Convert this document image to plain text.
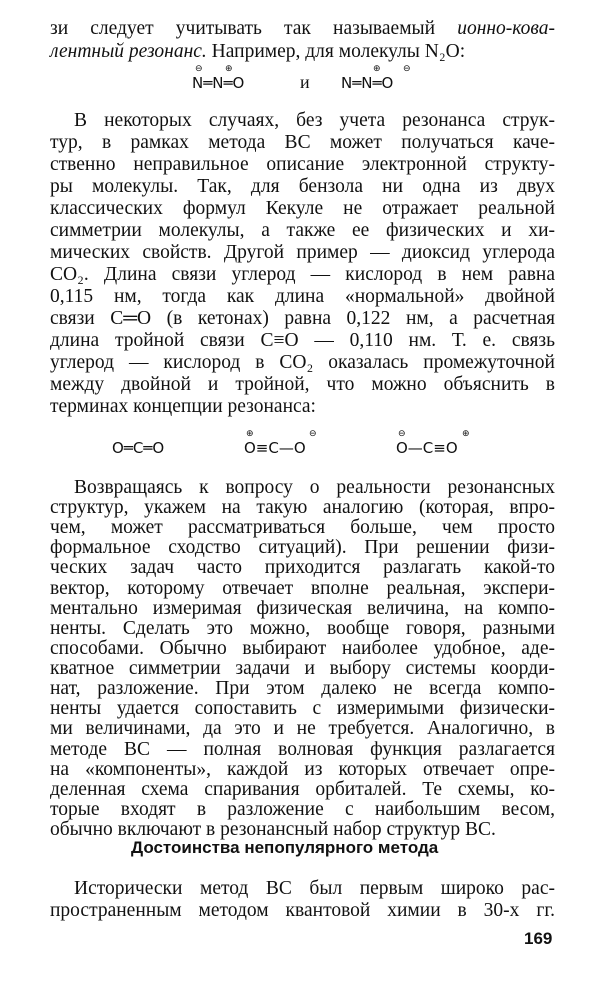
зи следует учитывать так называемый ионно-кова-
лентный резонанс. Например, для молекулы N₂O:
N═N═O
⊖ ⊕
и N═N═O
⊕ ⊖
В некоторых случаях, без учета резонанса струк-
тур, в рамках метода ВС может получаться каче-
ственно неправильное описание электронной структу-
ры молекулы. Так, для бензола ни одна из двух
классических формул Кекуле не отражает реальной
симметрии молекулы, а также ее физических и хи-
мических свойств. Другой пример — диоксид углерода
CO₂. Длина связи углерод — кислород в нем равна
0,115 нм, тогда как длина «нормальной» двойной
связи C═O (в кетонах) равна 0,122 нм, а расчетная
длина тройной связи C≡O — 0,110 нм. Т. е. связь
углерод — кислород в CO₂ оказалась промежуточной
между двойной и тройной, что можно объяснить в
терминах концепции резонанса:
O═C═O	O≡C—O
⊕	⊖
O—C≡O
⊖	⊕
Возвращаясь к вопросу о реальности резонансных
структур, укажем на такую аналогию (которая, впро-
чем, может рассматриваться больше, чем просто
формальное сходство ситуаций). При решении физи-
ческих задач часто приходится разлагать какой-то
вектор, которому отвечает вполне реальная, экспери-
ментально измеримая физическая величина, на компо-
ненты. Сделать это можно, вообще говоря, разными
способами. Обычно выбирают наиболее удобное, аде-
кватное симметрии задачи и выбору системы коорди-
нат, разложение. При этом далеко не всегда компо-
ненты удается сопоставить с измеримыми физически-
ми величинами, да это и не требуется. Аналогично, в
методе ВС — полная волновая функция разлагается
на «компоненты», каждой из которых отвечает опре-
деленная схема спаривания орбиталей. Те схемы, ко-
Достоинства непопулярного метода
Исторически метод ВС был первым широко рас-
пространенным методом квантовой химии в 30-х гг.
169
торые входят в разложение с наибольшим весом,
обычно включают в резонансный набор структур ВС.
